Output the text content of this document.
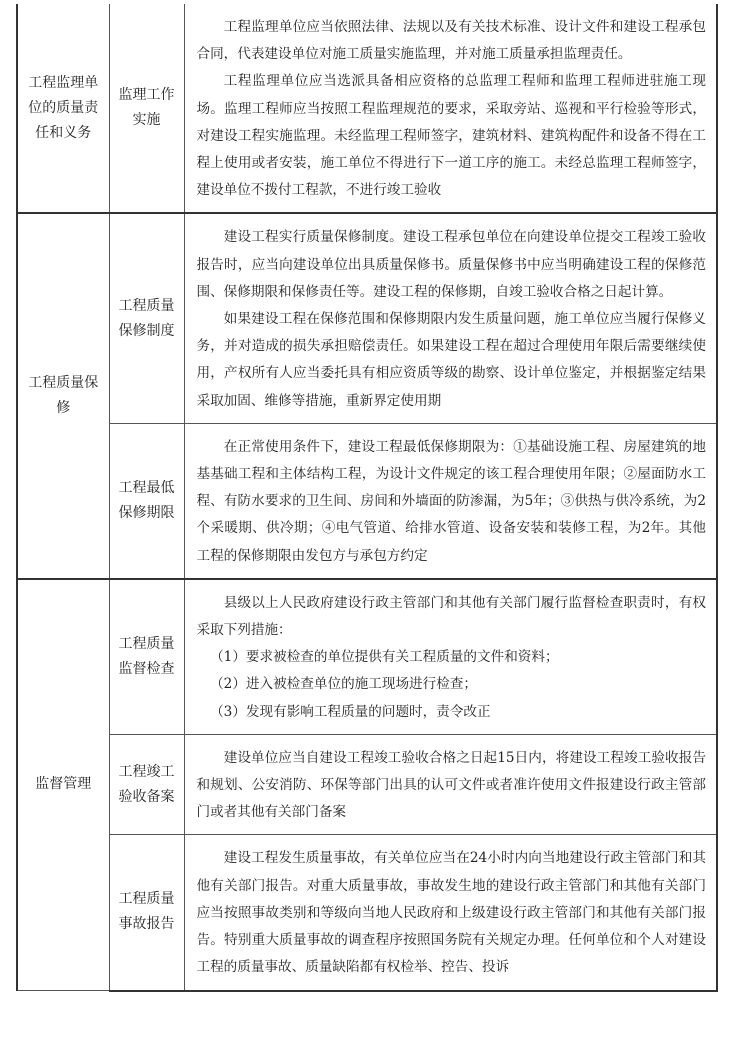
工程监理单位的质量责任和义务	监理工作实施	工程监理单位应当依照法律、法规以及有关技术标准、设计文件和建设工程承包合同，代表建设单位对施工质量实施监理，并对施工质量承担监理责任。

工程监理单位应当选派具备相应资格的总监理工程师和监理工程师进驻施工现场。监理工程师应当按照工程监理规范的要求，采取旁站、巡视和平行检验等形式，对建设工程实施监理。未经监理工程师签字，建筑材料、建筑构配件和设备不得在工程上使用或者安装，施工单位不得进行下一道工序的施工。未经总监理工程师签字，建设单位不拨付工程款，不进行竣工验收

工程质量保修	工程质量保修制度	建设工程实行质量保修制度。建设工程承包单位在向建设单位提交工程竣工验收报告时，应当向建设单位出具质量保修书。质量保修书中应当明确建设工程的保修范围、保修期限和保修责任等。建设工程的保修期，自竣工验收合格之日起计算。

如果建设工程在保修范围和保修期限内发生质量问题，施工单位应当履行保修义务，并对造成的损失承担赔偿责任。如果建设工程在超过合理使用年限后需要继续使用，产权所有人应当委托具有相应资质等级的勘察、设计单位鉴定，并根据鉴定结果采取加固、维修等措施，重新界定使用期

	工程最低保修期限	在正常使用条件下，建设工程最低保修期限为：①基础设施工程、房屋建筑的地基基础工程和主体结构工程，为设计文件规定的该工程合理使用年限；②屋面防水工程、有防水要求的卫生间、房间和外墙面的防渗漏，为5年；③供热与供冷系统，为2个采暖期、供冷期；④电气管道、给排水管道、设备安装和装修工程，为2年。其他工程的保修期限由发包方与承包方约定

监督管理	工程质量监督检查	县级以上人民政府建设行政主管部门和其他有关部门履行监督检查职责时，有权采取下列措施：

（1）要求被检查的单位提供有关工程质量的文件和资料；

（2）进入被检查单位的施工现场进行检查；

（3）发现有影响工程质量的问题时，责令改正

	工程竣工验收备案	建设单位应当自建设工程竣工验收合格之日起15日内，将建设工程竣工验收报告和规划、公安消防、环保等部门出具的认可文件或者准许使用文件报建设行政主管部门或者其他有关部门备案

	工程质量事故报告	建设工程发生质量事故，有关单位应当在24小时内向当地建设行政主管部门和其他有关部门报告。对重大质量事故，事故发生地的建设行政主管部门和其他有关部门应当按照事故类别和等级向当地人民政府和上级建设行政主管部门和其他有关部门报告。特别重大质量事故的调查程序按照国务院有关规定办理。任何单位和个人对建设工程的质量事故、质量缺陷都有权检举、控告、投诉
